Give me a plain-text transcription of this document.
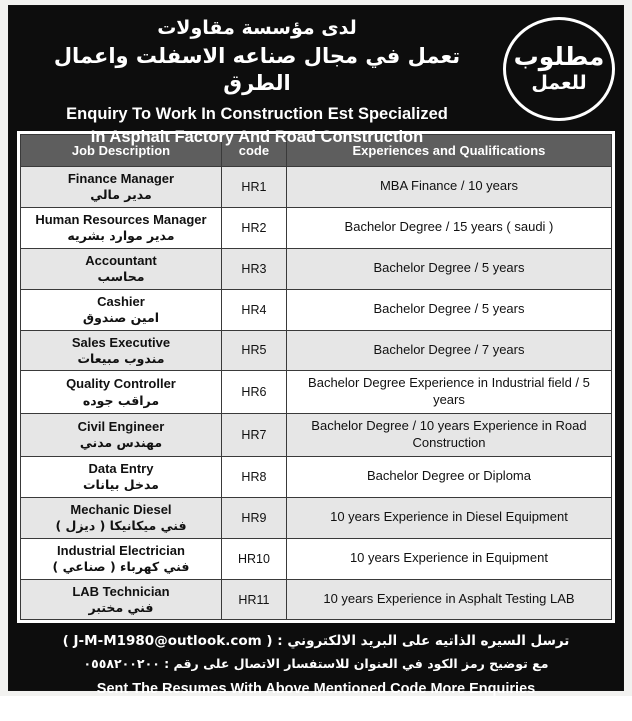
لدى مؤسسة مقاولات
تعمل في مجال صناعه الاسفلت واعمال الطرق
Enquiry To Work In Construction Est Specialized
In Asphalt Factory And Road Construction
مطلوب
للعمل
Job Description	code	Experiences and Qualifications

Finance Manager
مدير مالي	HR1	MBA Finance / 10 years

Human Resources Manager
مدير موارد بشريه	HR2	Bachelor Degree / 15 years ( saudi )

Accountant
محاسب	HR3	Bachelor Degree / 5 years

Cashier
امين صندوق	HR4	Bachelor Degree / 5 years

Sales Executive
مندوب مبيعات	HR5	Bachelor Degree / 7 years

Quality Controller
مراقب جوده	HR6	Bachelor Degree Experience in Industrial field / 5 years

Civil Engineer
مهندس مدني	HR7	Bachelor Degree / 10 years Experience in Road Construction

Data Entry
مدخل بيانات	HR8	Bachelor Degree or Diploma

Mechanic Diesel
فني ميكانيكا ( ديزل )	HR9	10 years Experience in Diesel Equipment

Industrial Electrician
فني كهرباء ( صناعي )	HR10	10 years Experience in Equipment

LAB Technician
فني مختبر	HR11	10 years Experience in Asphalt Testing LAB
ترسل السيره الذاتيه على البريد الالكتروني : ( J-M-M1980@outlook.com )
مع توضيح رمز الكود في العنوان للاستفسار الاتصال على رقم : ٠٥٥٨٢٠٠٢٠٠
Sent The Resumes With Above Mentioned Code More Enquiries
Call 0558200200 / mail : ( J-M-M1980@outlook.com )
